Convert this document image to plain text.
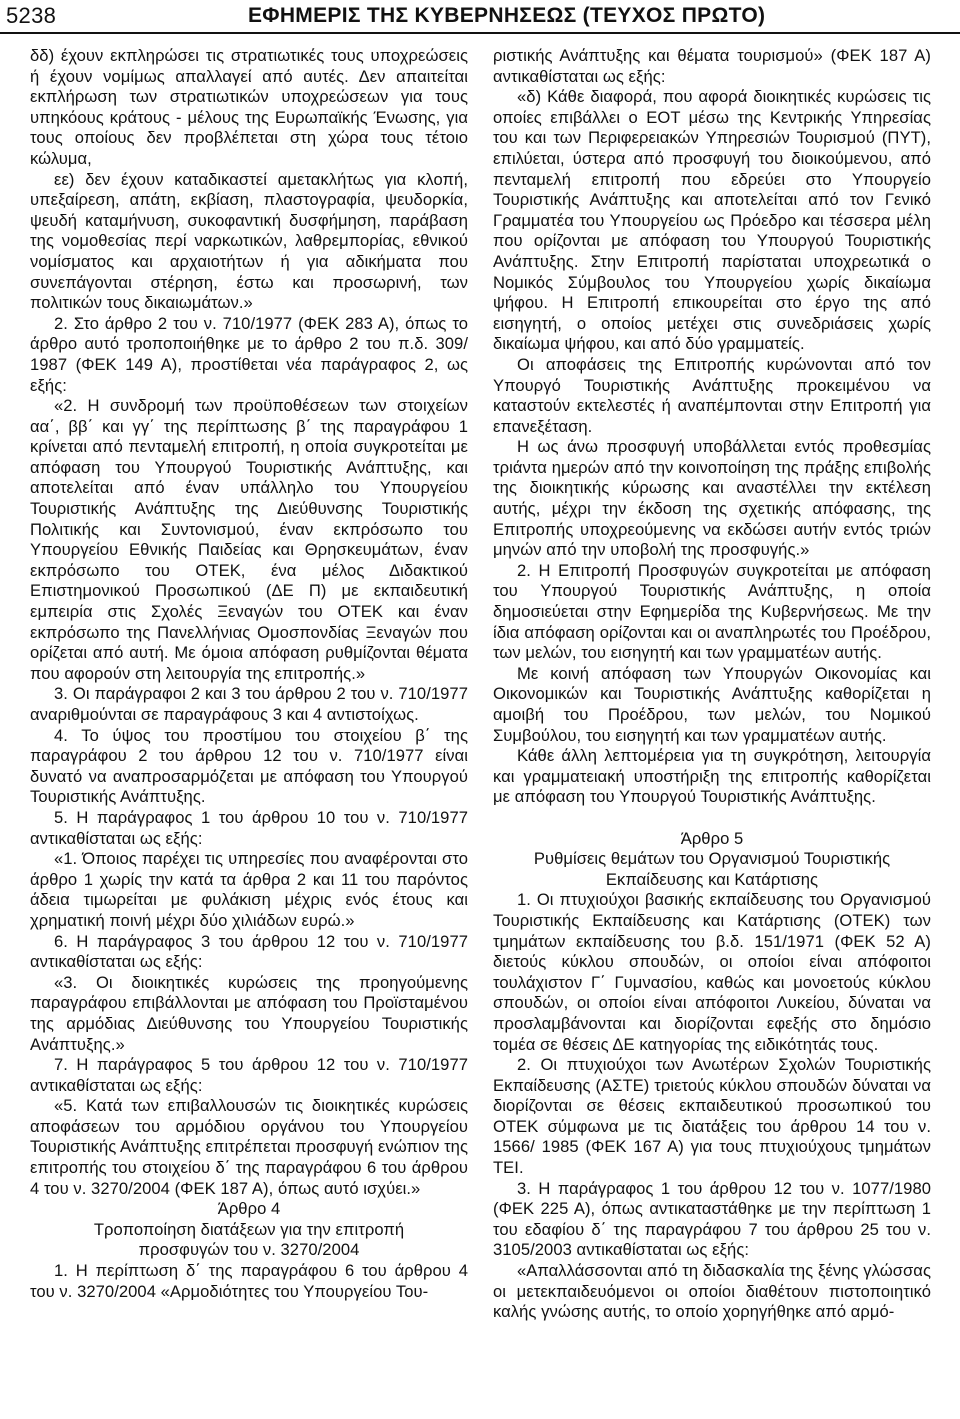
5238	ΕΦΗΜΕΡΙΣ ΤΗΣ ΚΥΒΕΡΝΗΣΕΩΣ (ΤΕΥΧΟΣ ΠΡΩΤΟ)

δδ) έχουν εκπληρώσει τις στρατιωτικές τους υποχρεώσεις ή έχουν νομίμως απαλλαγεί από αυτές. Δεν απαιτείται εκπλήρωση των στρατιωτικών υποχρεώσεων για τους υπηκόους κράτους - μέλους της Ευρωπαϊκής Ένωσης, για τους οποίους δεν προβλέπεται στη χώρα τους τέτοιο κώλυμα,

εε) δεν έχουν καταδικαστεί αμετακλήτως για κλοπή, υπεξαίρεση, απάτη, εκβίαση, πλαστογραφία, ψευδορκία, ψευδή καταμήνυση, συκοφαντική δυσφήμηση, παράβαση της νομοθεσίας περί ναρκωτικών, λαθρεμπορίας, εθνικού νομίσματος και αρχαιοτήτων ή για αδικήματα που συνεπάγονται στέρηση, έστω και προσωρινή, των πολιτικών τους δικαιωμάτων.»

2. Στο άρθρο 2 του ν. 710/1977 (ΦΕΚ 283 Α), όπως το άρθρο αυτό τροποποιήθηκε με το άρθρο 2 του π.δ. 309/ 1987 (ΦΕΚ 149 Α), προστίθεται νέα παράγραφος 2, ως εξής:

«2. Η συνδρομή των προϋποθέσεων των στοιχείων αα΄, ββ΄ και γγ΄ της περίπτωσης β΄ της παραγράφου 1 κρίνεται από πενταμελή επιτροπή, η οποία συγκροτείται με απόφαση του Υπουργού Τουριστικής Ανάπτυξης, και αποτελείται από έναν υπάλληλο του Υπουργείου Τουριστικής Ανάπτυξης της Διεύθυνσης Τουριστικής Πολιτικής και Συντονισμού, έναν εκπρόσωπο του Υπουργείου Εθνικής Παιδείας και Θρησκευμάτων, έναν εκπρόσωπο του ΟΤΕΚ, ένα μέλος Διδακτικού Επιστημονικού Προσωπικού (ΔΕ Π) με εκπαιδευτική εμπειρία στις Σχολές Ξεναγών του ΟΤΕΚ και έναν εκπρόσωπο της Πανελλήνιας Ομοσπονδίας Ξεναγών που ορίζεται από αυτή. Με όμοια απόφαση ρυθμίζονται θέματα που αφορούν στη λειτουργία της επιτροπής.»

3. Οι παράγραφοι 2 και 3 του άρθρου 2 του ν. 710/1977 αναριθμούνται σε παραγράφους 3 και 4 αντιστοίχως.

4. Το ύψος του προστίμου του στοιχείου β΄ της παραγράφου 2 του άρθρου 12 του ν. 710/1977 είναι δυνατό να αναπροσαρμόζεται με απόφαση του Υπουργού Τουριστικής Ανάπτυξης.

5. Η παράγραφος 1 του άρθρου 10 του ν. 710/1977 αντικαθίσταται ως εξής:

«1. Όποιος παρέχει τις υπηρεσίες που αναφέρονται στο άρθρο 1 χωρίς την κατά τα άρθρα 2 και 11 του παρόντος άδεια τιμωρείται με φυλάκιση μέχρις ενός έτους και χρηματική ποινή μέχρι δύο χιλιάδων ευρώ.»

6. Η παράγραφος 3 του άρθρου 12 του ν. 710/1977 αντικαθίσταται ως εξής:

«3. Οι διοικητικές κυρώσεις της προηγούμενης παραγράφου επιβάλλονται με απόφαση του Προϊσταμένου της αρμόδιας Διεύθυνσης του Υπουργείου Τουριστικής Ανάπτυξης.»

7. Η παράγραφος 5 του άρθρου 12 του ν. 710/1977 αντικαθίσταται ως εξής:

«5. Κατά των επιβαλλουσών τις διοικητικές κυρώσεις αποφάσεων του αρμόδιου οργάνου του Υπουργείου Τουριστικής Ανάπτυξης επιτρέπεται προσφυγή ενώπιον της επιτροπής του στοιχείου δ΄ της παραγράφου 6 του άρθρου 4 του ν. 3270/2004 (ΦΕΚ 187 Α), όπως αυτό ισχύει.»

Άρθρο 4

Τροποποίηση διατάξεων για την επιτροπή

προσφυγών του ν. 3270/2004

1. Η περίπτωση δ΄ της παραγράφου 6 του άρθρου 4 του ν. 3270/2004 «Αρμοδιότητες του Υπουργείου Του-

ριστικής Ανάπτυξης και θέματα τουρισμού» (ΦΕΚ 187 Α) αντικαθίσταται ως εξής:

«δ) Κάθε διαφορά, που αφορά διοικητικές κυρώσεις τις οποίες επιβάλλει ο ΕΟΤ μέσω της Κεντρικής Υπηρεσίας του και των Περιφερειακών Υπηρεσιών Τουρισμού (ΠΥΤ), επιλύεται, ύστερα από προσφυγή του διοικούμενου, από πενταμελή επιτροπή που εδρεύει στο Υπουργείο Τουριστικής Ανάπτυξης και αποτελείται από τον Γενικό Γραμματέα του Υπουργείου ως Πρόεδρο και τέσσερα μέλη που ορίζονται με απόφαση του Υπουργού Τουριστικής Ανάπτυξης. Στην Επιτροπή παρίσταται υποχρεωτικά ο Νομικός Σύμβουλος του Υπουργείου χωρίς δικαίωμα ψήφου. Η Επιτροπή επικουρείται στο έργο της από εισηγητή, ο οποίος μετέχει στις συνεδριάσεις χωρίς δικαίωμα ψήφου, και από δύο γραμματείς.

Οι αποφάσεις της Επιτροπής κυρώνονται από τον Υπουργό Τουριστικής Ανάπτυξης προκειμένου να καταστούν εκτελεστές ή αναπέμπονται στην Επιτροπή για επανεξέταση.

Η ως άνω προσφυγή υποβάλλεται εντός προθεσμίας τριάντα ημερών από την κοινοποίηση της πράξης επιβολής της διοικητικής κύρωσης και αναστέλλει την εκτέλεση αυτής, μέχρι την έκδοση της σχετικής απόφασης, της Επιτροπής υποχρεούμενης να εκδώσει αυτήν εντός τριών μηνών από την υποβολή της προσφυγής.»

2. Η Επιτροπή Προσφυγών συγκροτείται με απόφαση του Υπουργού Τουριστικής Ανάπτυξης, η οποία δημοσιεύεται στην Εφημερίδα της Κυβερνήσεως. Με την ίδια απόφαση ορίζονται και οι αναπληρωτές του Προέδρου, των μελών, του εισηγητή και των γραμματέων αυτής.

Με κοινή απόφαση των Υπουργών Οικονομίας και Οικονομικών και Τουριστικής Ανάπτυξης καθορίζεται η αμοιβή του Προέδρου, των μελών, του Νομικού Συμβούλου, του εισηγητή και των γραμματέων αυτής.

Κάθε άλλη λεπτομέρεια για τη συγκρότηση, λειτουργία και γραμματειακή υποστήριξη της επιτροπής καθορίζεται με απόφαση του Υπουργού Τουριστικής Ανάπτυξης.

Άρθρο 5

Ρυθμίσεις θεμάτων του Οργανισμού Τουριστικής

Εκπαίδευσης και Κατάρτισης

1. Οι πτυχιούχοι βασικής εκπαίδευσης του Οργανισμού Τουριστικής Εκπαίδευσης και Κατάρτισης (ΟΤΕΚ) των τμημάτων εκπαίδευσης του β.δ. 151/1971 (ΦΕΚ 52 Α) διετούς κύκλου σπουδών, οι οποίοι είναι απόφοιτοι τουλάχιστον Γ΄ Γυμνασίου, καθώς και μονοετούς κύκλου σπουδών, οι οποίοι είναι απόφοιτοι Λυκείου, δύναται να προσλαμβάνονται και διορίζονται εφεξής στο δημόσιο τομέα σε θέσεις ΔΕ κατηγορίας της ειδικότητάς τους.

2. Οι πτυχιούχοι των Ανωτέρων Σχολών Τουριστικής Εκπαίδευσης (ΑΣΤΕ) τριετούς κύκλου σπουδών δύναται να διορίζονται σε θέσεις εκπαιδευτικού προσωπικού του ΟΤΕΚ σύμφωνα με τις διατάξεις του άρθρου 14 του ν. 1566/ 1985 (ΦΕΚ 167 Α) για τους πτυχιούχους τμημάτων ΤΕΙ.

3. Η παράγραφος 1 του άρθρου 12 του ν. 1077/1980 (ΦΕΚ 225 Α), όπως αντικαταστάθηκε με την περίπτωση 1 του εδαφίου δ΄ της παραγράφου 7 του άρθρου 25 του ν. 3105/2003 αντικαθίσταται ως εξής:

«Απαλλάσσονται από τη διδασκαλία της ξένης γλώσσας οι μετεκπαιδευόμενοι οι οποίοι διαθέτουν πιστοποιητικό καλής γνώσης αυτής, το οποίο χορηγήθηκε από αρμό-
